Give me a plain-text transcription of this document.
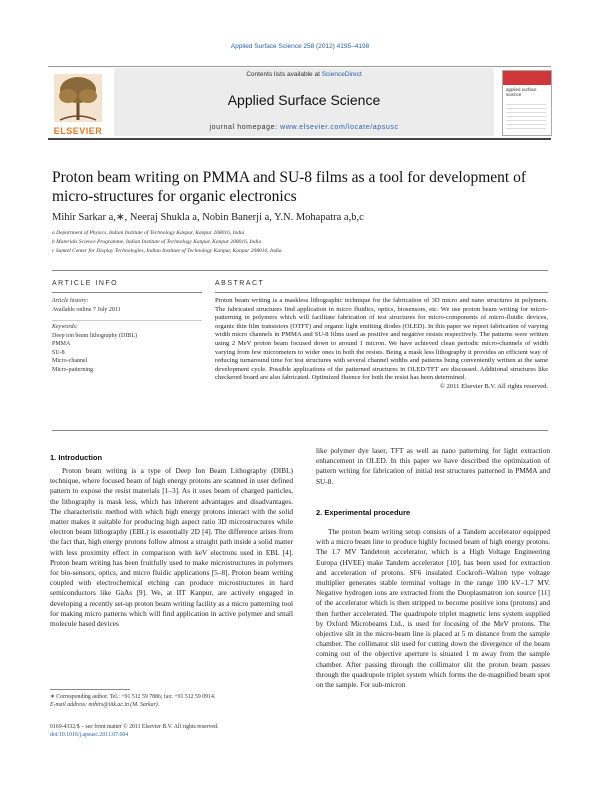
Applied Surface Science 258 (2012) 4195–4198
ELSEVIER
Contents lists available at ScienceDirect
Applied Surface Science
journal homepage: www.elsevier.com/locate/apsusc
applied surface science
Proton beam writing on PMMA and SU-8 films as a tool for development of micro-structures for organic electronics
Mihir Sarkar a,∗, Neeraj Shukla a, Nobin Banerji a, Y.N. Mohapatra a,b,c
a Department of Physics, Indian Institute of Technology Kanpur, Kanpur 208016, India
b Materials Science Programme, Indian Institute of Technology Kanpur, Kanpur 208016, India
c Samtel Center for Display Technologies, Indian Institute of Technology Kanpur, Kanpur 208016, India
ARTICLE INFO	ABSTRACT
Article history:
Available online 7 July 2011
Keywords:
Deep ion beam lithography (DIBL)
PMMA
SU-8
Micro-channel
Micro-patterning
Proton beam writing is a maskless lithographic technique for the fabrication of 3D micro and nano structures in polymers. The fabricated structures find application in micro fluidics, optics, biosensors, etc. We use proton beam writing for micro-patterning in polymers which will facilitate fabrication of test structures for micro-components of micro-fluidic devices, organic thin film transistors (OTFT) and organic light emitting diodes (OLED). In this paper we report fabrication of varying width micro channels in PMMA and SU-8 films used as positive and negative resists respectively. The patterns were written using 2 MeV proton beam focused down to around 1 micron. We have achieved clean periodic micro-channels of width varying from few micrometers to wider ones in both the resists. Being a mask less lithography it provides an efficient way of reducing turnaround time for test structures with several channel widths and patterns being conveniently written at the same development cycle. Possible applications of the patterned structures in OLED/TFT are discussed. Additional structures like checkered board are also fabricated. Optimized fluence for both the resist has been determined.
© 2011 Elsevier B.V. All rights reserved.
1. Introduction

Proton beam writing is a type of Deep Ion Beam Lithography (DIBL) technique, where focused beam of high energy protons are scanned in user defined pattern to expose the resist materials [1–3]. As it uses beam of charged particles, the lithography is mask less, which has inherent advantages and disadvantages. The characteristic method with which high energy protons interact with the solid matter makes it suitable for producing high aspect ratio 3D microstructures while electron beam lithography (EBL) is essentially 2D [4]. The difference arises from the fact that, high energy protons follow almost a straight path inside a solid matter with less proximity effect in comparison with keV electrons used in EBL [4]. Proton beam writing has been fruitfully used to make microstructures in polymers for bio-sensors, optics, and micro fluidic applications [5–8]. Proton beam writing coupled with electrochemical etching can produce microstructures in hard semiconductors like GaAs [9]. We, at IIT Kanpur, are actively engaged in developing a recently set-up proton beam writing facility as a micro patterning tool for making micro patterns which will find application in active polymer and small molecule based devices

like polymer dye laser, TFT as well as nano patterning for light extraction enhancement in OLED. In this paper we have described the optimization of pattern writing for fabrication of initial test structures patterned in PMMA and SU-8.

2. Experimental procedure

The proton beam writing setup consists of a Tandem accelerator equipped with a micro beam line to produce highly focused beam of high energy protons. The 1.7 MV Tandetron accelerator, which is a High Voltage Engineering Europa (HVEE) make Tandem accelerator [10], has been used for extraction and acceleration of protons. SF6 insulated Cockroft–Walton type voltage multiplier generates stable terminal voltage in the range 100 kV–1.7 MV. Negative hydrogen ions are extracted from the Duoplasmatron ion source [11] of the accelerator which is then stripped to become positive ions (protons) and then further accelerated. The quadrupole triplet magnetic lens system supplied by Oxford Microbeams Ltd., is used for focusing of the MeV protons. The objective slit in the micro-beam line is placed at 5 m distance from the sample chamber. The collimator slit used for cutting down the divergence of the beam coming out of the objective aperture is situated 1 m away from the sample chamber. After passing through the collimator slit the proton beam passes through the quadrupole triplet system which forms the de-magnified beam spot on the sample. For sub-micron

∗ Corresponding author. Tel.: +91 512 59 7886; fax: +91 512 59 0914.
E-mail address: mihirs@iitk.ac.in (M. Sarkar).
0169-4332/$ – see front matter © 2011 Elsevier B.V. All rights reserved.
doi:10.1016/j.apsusc.2011.07.004
